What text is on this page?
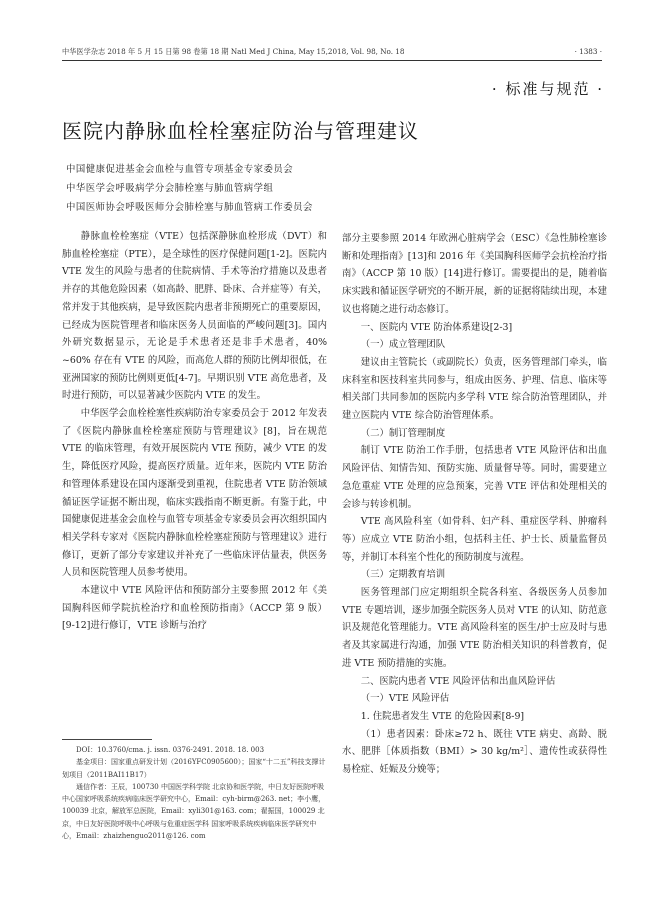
中华医学杂志 2018 年 5 月 15 日第 98 卷第 18 期 Natl Med J China, May 15,2018, Vol. 98, No. 18	· 1383 ·
· 标准与规范 ·
医院内静脉血栓栓塞症防治与管理建议
中国健康促进基金会血栓与血管专项基金专家委员会
中华医学会呼吸病学分会肺栓塞与肺血管病学组
中国医师协会呼吸医师分会肺栓塞与肺血管病工作委员会

静脉血栓栓塞症（VTE）包括深静脉血栓形成（DVT）和肺血栓栓塞症（PTE），是全球性的医疗保健问题[1-2]。医院内 VTE 发生的风险与患者的住院病情、手术等治疗措施以及患者并存的其他危险因素（如高龄、肥胖、卧床、合并症等）有关，常并发于其他疾病，是导致医院内患者非预期死亡的重要原因，已经成为医院管理者和临床医务人员面临的严峻问题[3]。国内外研究数据显示，无论是手术患者还是非手术患者，40% ~60% 存在有 VTE 的风险，而高危人群的预防比例却很低，在亚洲国家的预防比例则更低[4-7]。早期识别 VTE 高危患者，及时进行预防，可以显著减少医院内 VTE 的发生。

中华医学会血栓栓塞性疾病防治专家委员会于 2012 年发表了《医院内静脉血栓栓塞症预防与管理建议》[8]，旨在规范 VTE 的临床管理，有效开展医院内 VTE 预防，减少 VTE 的发生，降低医疗风险，提高医疗质量。近年来，医院内 VTE 防治和管理体系建设在国内逐渐受到重视，住院患者 VTE 防治领域循证医学证据不断出现，临床实践指南不断更新。有鉴于此，中国健康促进基金会血栓与血管专项基金专家委员会再次组织国内相关学科专家对《医院内静脉血栓栓塞症预防与管理建议》进行修订，更新了部分专家建议并补充了一些临床评估量表，供医务人员和医院管理人员参考使用。

本建议中 VTE 风险评估和预防部分主要参照 2012 年《美国胸科医师学院抗栓治疗和血栓预防指南》（ACCP 第 9 版）[9-12]进行修订，VTE 诊断与治疗

部分主要参照 2014 年欧洲心脏病学会（ESC）《急性肺栓塞诊断和处理指南》[13]和 2016 年《美国胸科医师学会抗栓治疗指南》（ACCP 第 10 版）[14]进行修订。需要提出的是，随着临床实践和循证医学研究的不断开展，新的证据将陆续出现，本建议也将随之进行动态修订。

一、医院内 VTE 防治体系建设[2-3]

（一）成立管理团队

建议由主管院长（或副院长）负责，医务管理部门牵头，临床科室和医技科室共同参与，组成由医务、护理、信息、临床等相关部门共同参加的医院内多学科 VTE 综合防治管理团队，并建立医院内 VTE 综合防治管理体系。

（二）制订管理制度

制订 VTE 防治工作手册，包括患者 VTE 风险评估和出血风险评估、知情告知、预防实施、质量督导等。同时，需要建立急危重症 VTE 处理的应急预案，完善 VTE 评估和处理相关的会诊与转诊机制。

VTE 高风险科室（如骨科、妇产科、重症医学科、肿瘤科等）应成立 VTE 防治小组，包括科主任、护士长、质量监督员等，并制订本科室个性化的预防制度与流程。

（三）定期教育培训

医务管理部门应定期组织全院各科室、各级医务人员参加 VTE 专题培训，逐步加强全院医务人员对 VTE 的认知、防范意识及规范化管理能力。VTE 高风险科室的医生/护士应及时与患者及其家属进行沟通，加强 VTE 防治相关知识的科普教育，促进 VTE 预防措施的实施。

二、医院内患者 VTE 风险评估和出血风险评估

（一）VTE 风险评估

1. 住院患者发生 VTE 的危险因素[8-9]

（1）患者因素：卧床≥72 h、既往 VTE 病史、高龄、脱水、肥胖［体质指数（BMI）> 30 kg/m²］、遗传性或获得性易栓症、妊娠及分娩等；

DOI：10.3760/cma. j. issn. 0376-2491. 2018. 18. 003

基金项目：国家重点研发计划（2016YFC0905600）；国家“十二五”科技支撑计划项目（2011BAI11B17）

通信作者：王辰，100730 中国医学科学院 北京协和医学院，中日友好医院呼吸中心国家呼吸系统疾病临床医学研究中心，Email：cyh-birm@263. net；李小鹰，100039 北京，解放军总医院，Email：xyli301@163. com；翟振国，100029 北京，中日友好医院呼吸中心呼吸与危重症医学科 国家呼吸系统疾病临床医学研究中心，Email：zhaizhenguo2011@126. com
